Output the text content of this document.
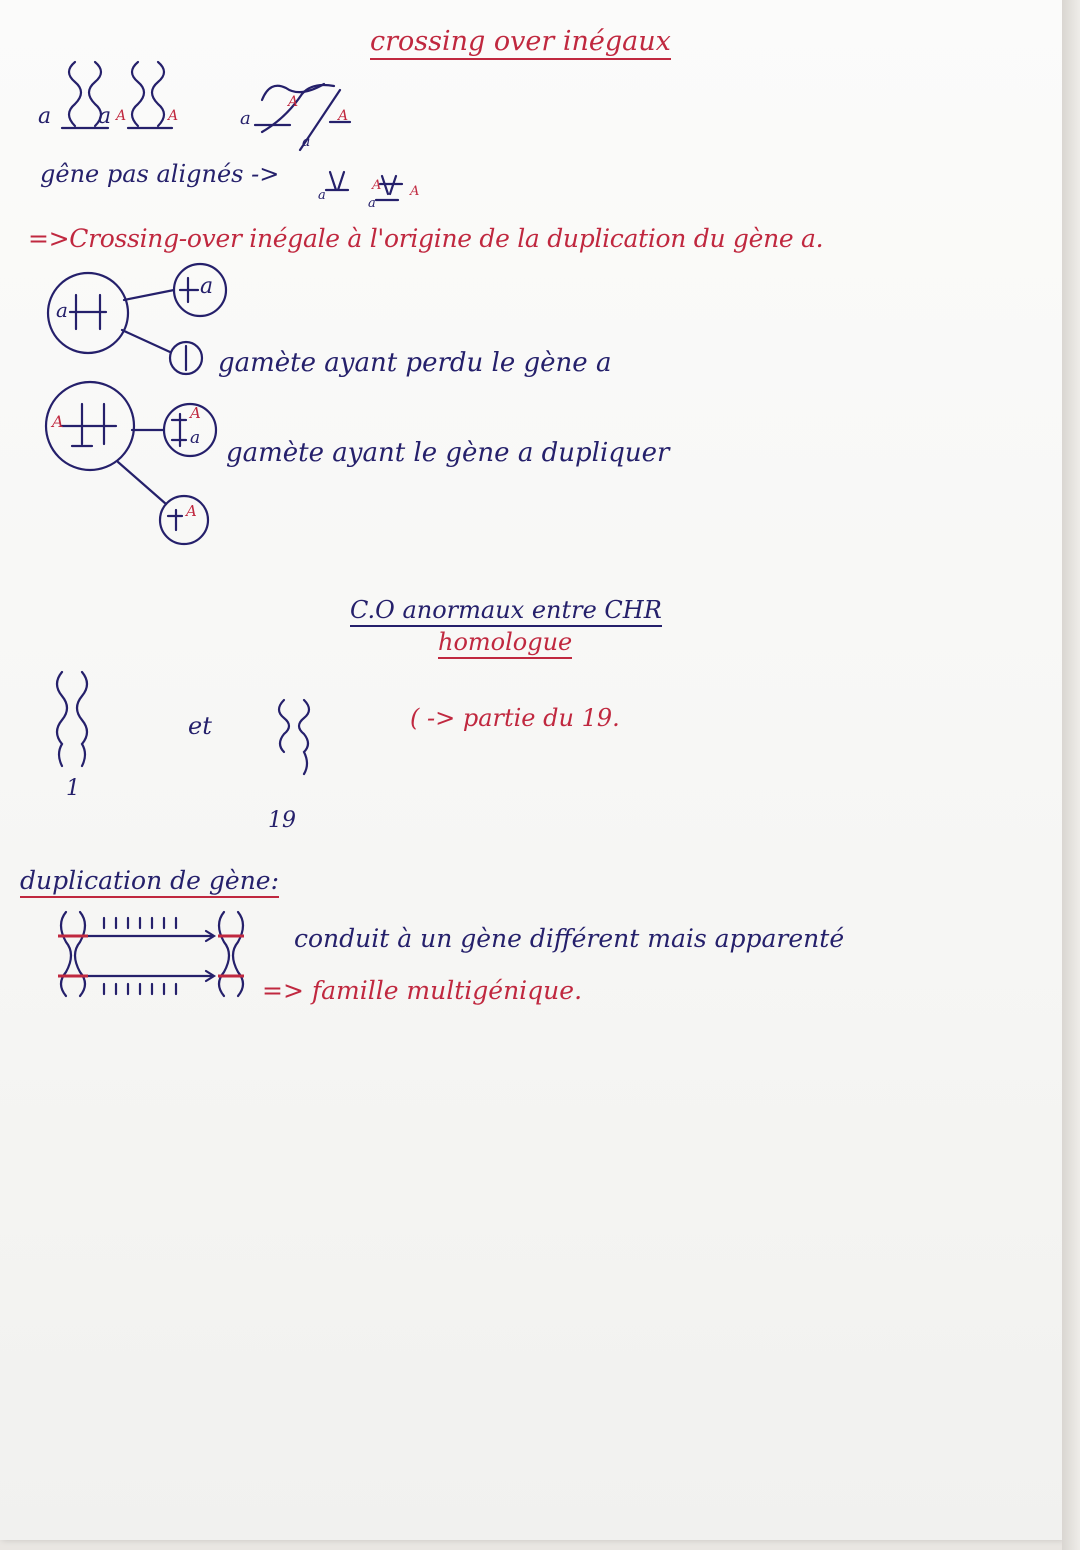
crossing over inégaux
a a A	A	a
A
a
A
gêne pas alignés ->
a
A
a
A
=>Crossing-over inégale à l'origine de la duplication du gène a.
a
A
a
gamète ayant perdu le gène a
A
a gamète ayant le gène a dupliquer
A
C.O anormaux entre CHR
homologue
1
et
19
( -> partie du 19.
duplication de gène:
conduit à un gène différent mais apparenté
=> famille multigénique.
